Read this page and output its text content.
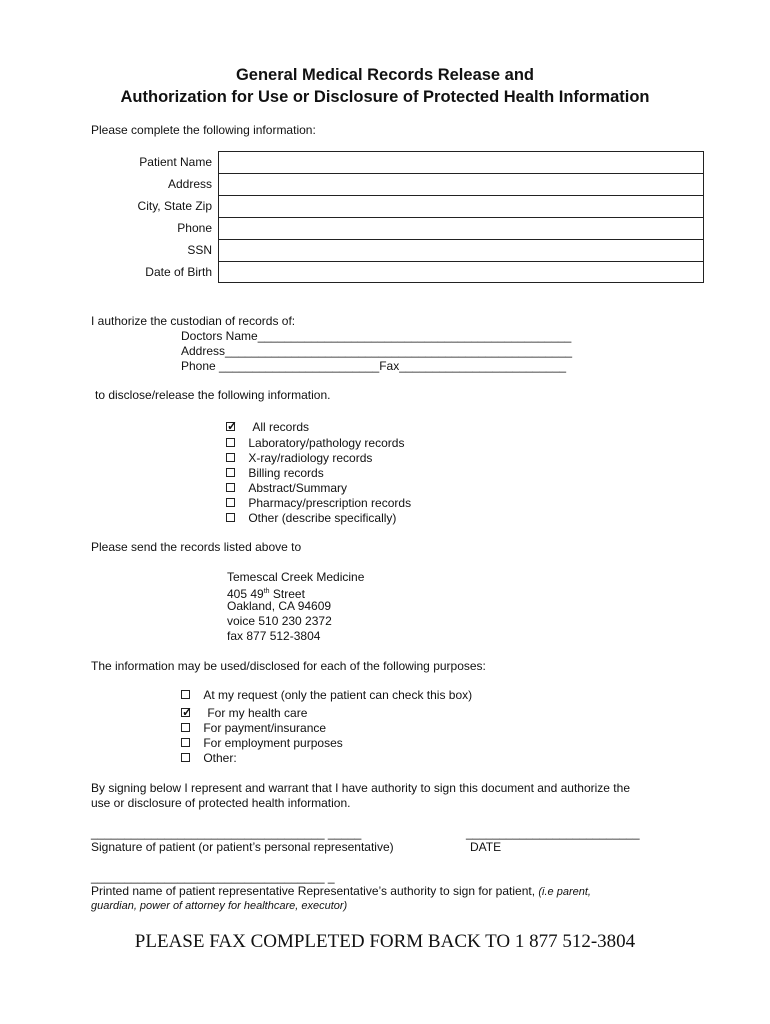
General Medical Records Release and
Authorization for Use or Disclosure of Protected Health Information
Please complete the following information:
Patient Name
Address
City, State Zip
Phone
SSN
Date of Birth
I authorize the custodian of records of:
Doctors Name_______________________________________________
Address____________________________________________________
Phone ________________________Fax_________________________
to disclose/release the following information.
✓ All records
Laboratory/pathology records
X-ray/radiology records
Billing records
Abstract/Summary
Pharmacy/prescription records
Other (describe specifically)
Please send the records listed above to
Temescal Creek Medicine
405 49th Street
Oakland, CA 94609
voice 510 230 2372
fax 877 512-3804
The information may be used/disclosed for each of the following purposes:
At my request (only the patient can check this box)
✓ For my health care
For payment/insurance
For employment purposes
Other:
By signing below I represent and warrant that I have authority to sign this document and authorize the
use or disclosure of protected health information.
___________________________________ _____	__________________________
Signature of patient (or patient’s personal representative)	DATE
___________________________________ _
Printed name of patient representative Representative’s authority to sign for patient, (i.e parent,
guardian, power of attorney for healthcare, executor)
PLEASE FAX COMPLETED FORM BACK TO 1 877 512-3804
